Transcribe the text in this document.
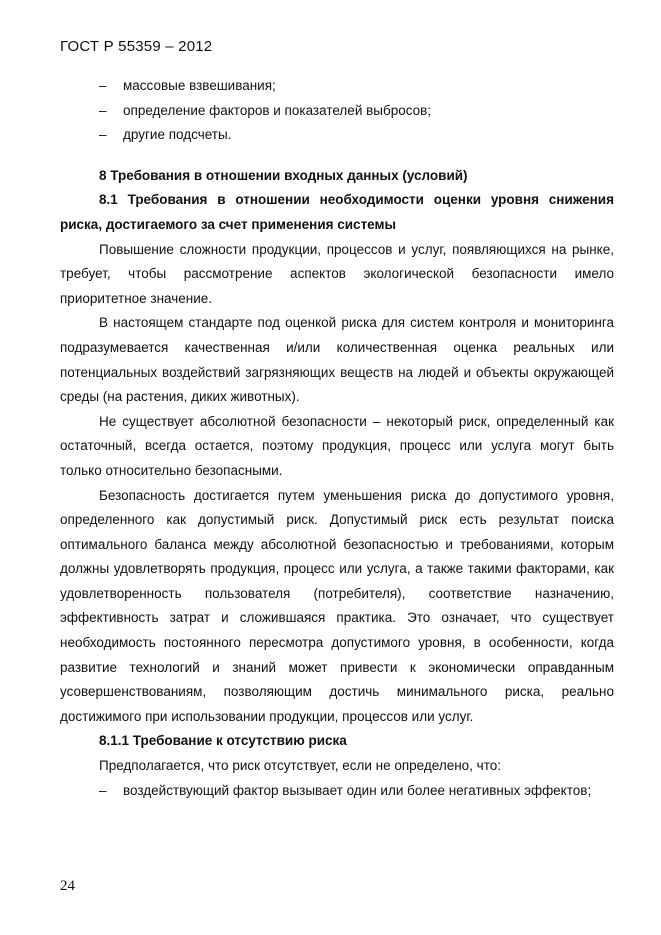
ГОСТ Р 55359 – 2012

–	массовые взвешивания;

–	определение факторов и показателей выбросов;

–	другие подсчеты.

8 Требования в отношении входных данных (условий)

8.1 Требования в отношении необходимости оценки уровня снижения риска, достигаемого за счет применения системы

Повышение сложности продукции, процессов и услуг, появляющихся на рынке, требует, чтобы рассмотрение аспектов экологической безопасности имело приоритетное значение.

В настоящем стандарте под оценкой риска для систем контроля и мониторинга подразумевается качественная и/или количественная оценка реальных или потенциальных воздействий загрязняющих веществ на людей и объекты окружающей среды (на растения, диких животных).

Не существует абсолютной безопасности – некоторый риск, определенный как остаточный, всегда остается, поэтому продукция, процесс или услуга могут быть только относительно безопасными.

Безопасность достигается путем уменьшения риска до допустимого уровня, определенного как допустимый риск. Допустимый риск есть результат поиска оптимального баланса между абсолютной безопасностью и требованиями, которым должны удовлетворять продукция, процесс или услуга, а также такими факторами, как удовлетворенность пользователя (потребителя), соответствие назначению, эффективность затрат и сложившаяся практика. Это означает, что существует необходимость постоянного пересмотра допустимого уровня, в особенности, когда развитие технологий и знаний может привести к экономически оправданным усовершенствованиям, позволяющим достичь минимального риска, реально достижимого при использовании продукции, процессов или услуг.

8.1.1 Требование к отсутствию риска

Предполагается, что риск отсутствует, если не определено, что:

– воздействующий фактор вызывает один или более негативных эффектов;

24
